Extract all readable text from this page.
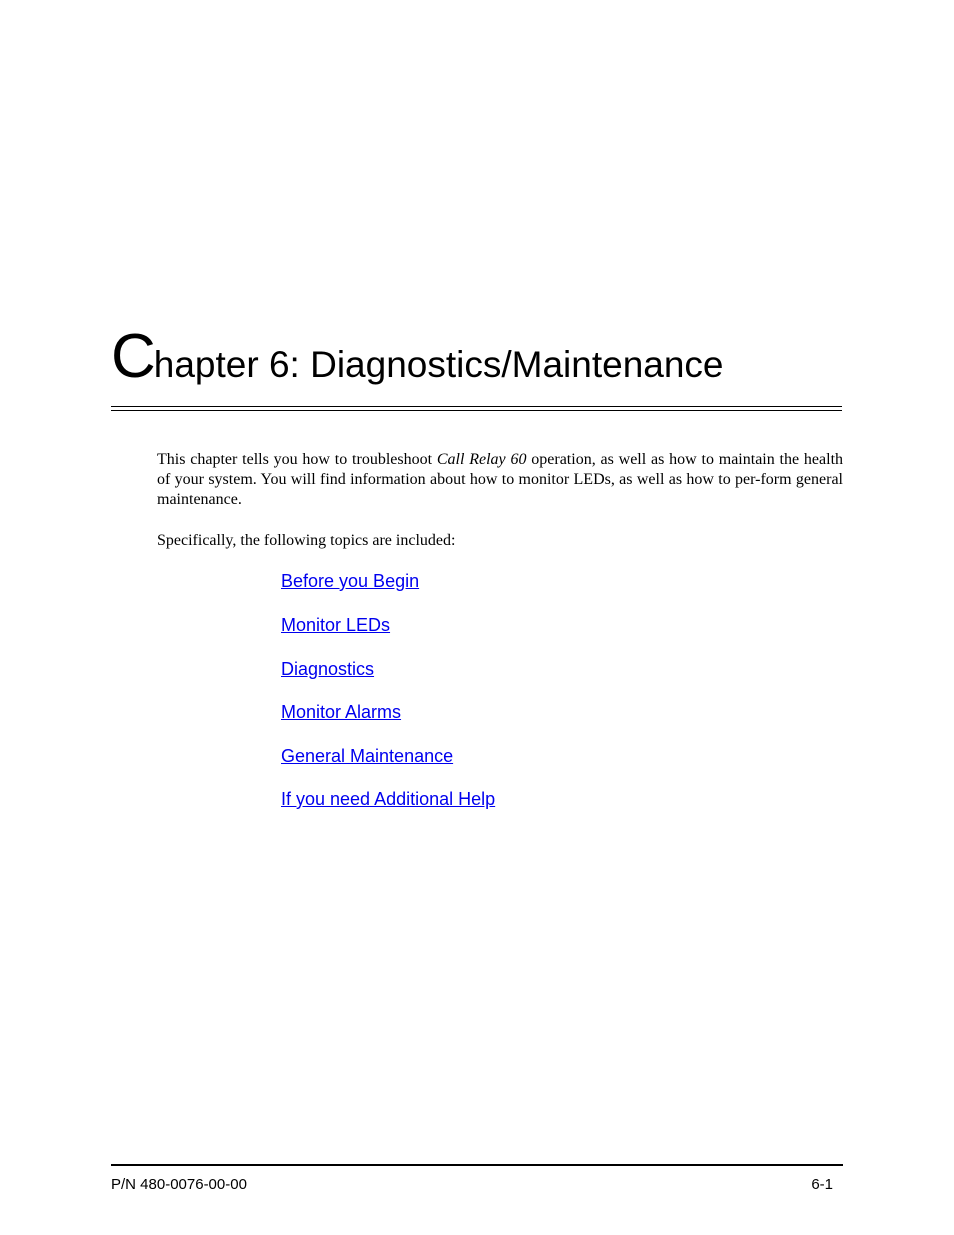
Chapter 6: Diagnostics/Maintenance

This chapter tells you how to troubleshoot Call Relay 60 operation, as well as how to maintain the health of your system. You will find information about how to monitor LEDs, as well as how to per-form general maintenance.

Specifically, the following topics are included:

Before you Begin
Monitor LEDs
Diagnostics
Monitor Alarms
General Maintenance
If you need Additional Help
P/N 480-0076-00-00	6-1
